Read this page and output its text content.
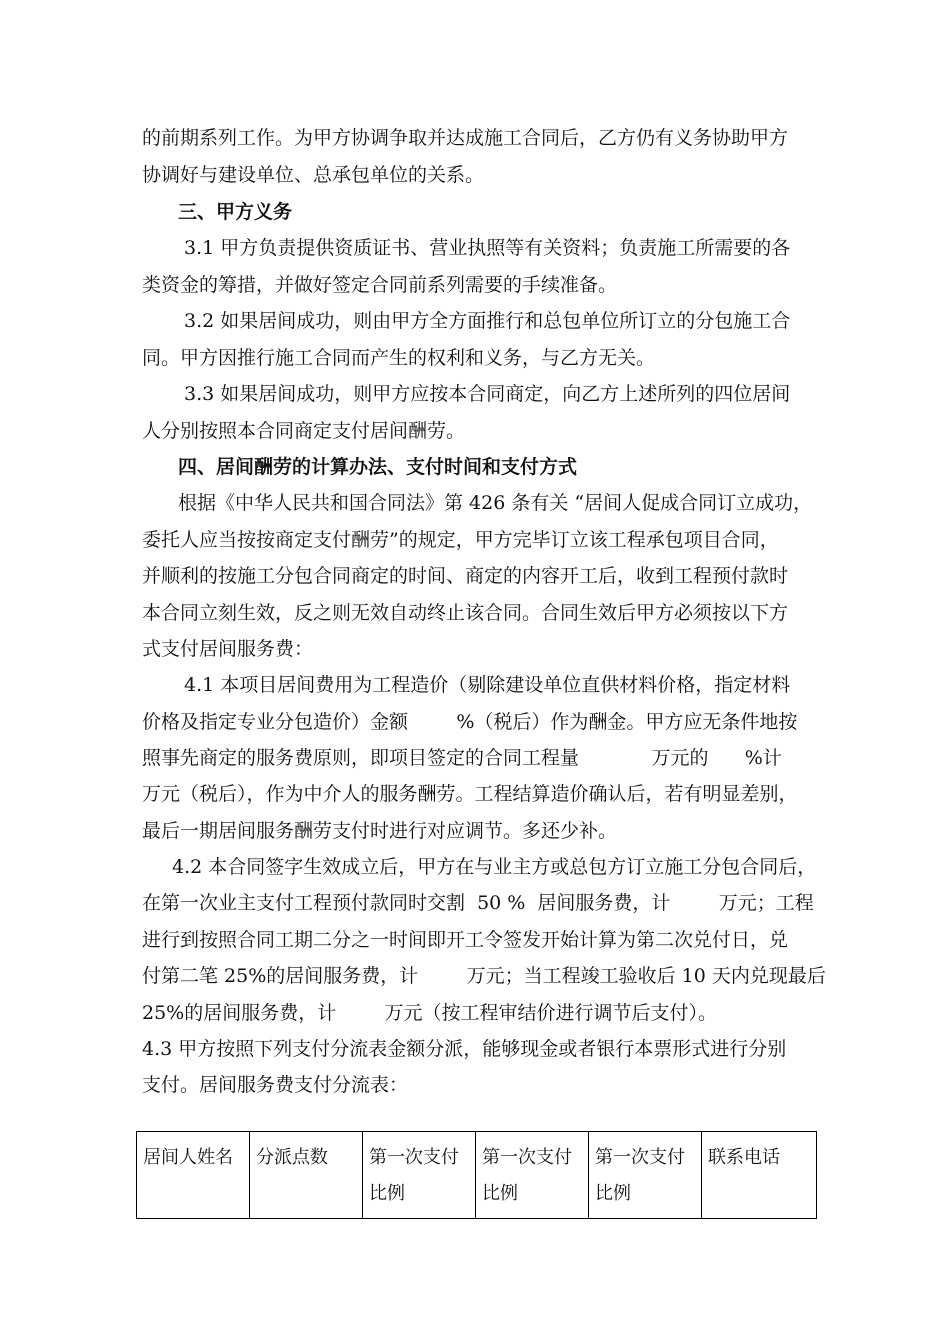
的前期系列工作。为甲方协调争取并达成施工合同后，乙方仍有义务协助甲方
协调好与建设单位、总承包单位的关系。
三、甲方义务
3.1 甲方负责提供资质证书、营业执照等有关资料；负责施工所需要的各
类资金的筹措，并做好签定合同前系列需要的手续准备。
3.2 如果居间成功，则由甲方全方面推行和总包单位所订立的分包施工合
同。甲方因推行施工合同而产生的权利和义务，与乙方无关。
3.3 如果居间成功，则甲方应按本合同商定，向乙方上述所列的四位居间
人分别按照本合同商定支付居间酬劳。
四、居间酬劳的计算办法、支付时间和支付方式
根据《中华人民共和国合同法》第 426 条有关 “居间人促成合同订立成功，
委托人应当按按商定支付酬劳”的规定，甲方完毕订立该工程承包项目合同，
并顺利的按施工分包合同商定的时间、商定的内容开工后，收到工程预付款时
本合同立刻生效，反之则无效自动终止该合同。合同生效后甲方必须按以下方
式支付居间服务费：
4.1 本项目居间费用为工程造价（剔除建设单位直供材料价格，指定材料
价格及指定专业分包造价）金额        %（税后）作为酬金。甲方应无条件地按
照事先商定的服务费原则，即项目签定的合同工程量            万元的      %计
万元（税后），作为中介人的服务酬劳。工程结算造价确认后，若有明显差别，
最后一期居间服务酬劳支付时进行对应调节。多还少补。
4.2 本合同签字生效成立后，甲方在与业主方或总包方订立施工分包合同后，
在第一次业主支付工程预付款同时交割  50 %  居间服务费，计        万元；工程
进行到按照合同工期二分之一时间即开工令签发开始计算为第二次兑付日，兑
付第二笔 25%的居间服务费，计        万元；当工程竣工验收后 10 天内兑现最后
25%的居间服务费，计        万元（按工程审结价进行调节后支付）。
4.3 甲方按照下列支付分流表金额分派，能够现金或者银行本票形式进行分别
支付。居间服务费支付分流表：
居间人姓名	分派点数	第一次支付比例	第一次支付比例	第一次支付比例	联系电话
